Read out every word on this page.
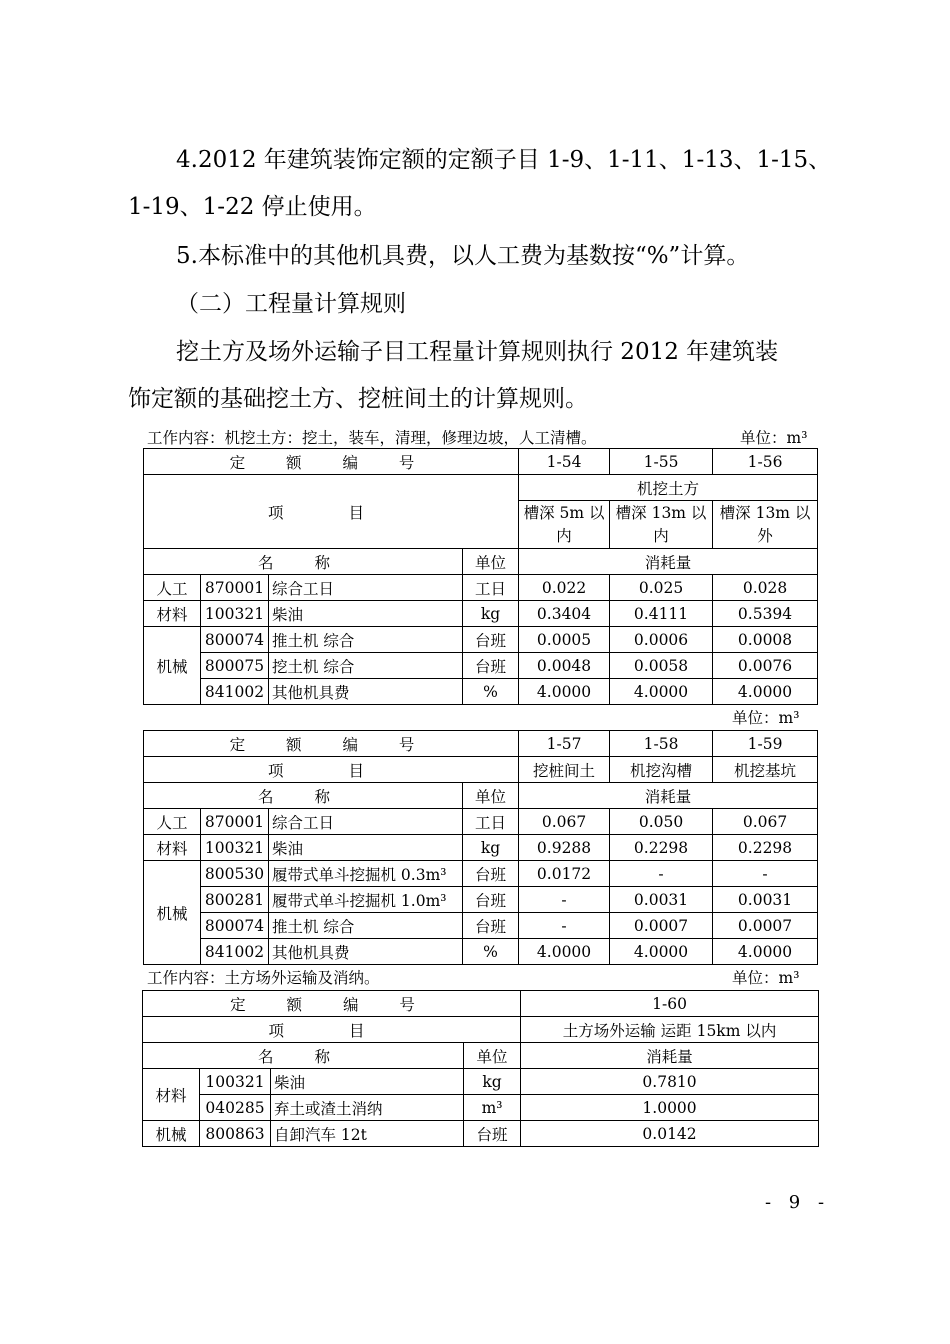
4.2012 年建筑装饰定额的定额子目 1-9、1-11、1-13、1-15、

1-19、1-22 停止使用。

5.本标准中的其他机具费，以人工费为基数按“%”计算。

（二）工程量计算规则

挖土方及场外运输子目工程量计算规则执行 2012 年建筑装

饰定额的基础挖土方、挖桩间土的计算规则。

工作内容：机挖土方：挖土，装车，清理，修理边坡，人工清槽。	单位：m³

定 额 编 号				1-54	1-55	1-56
项 目				机挖土方		
				槽深 5m 以内	槽深 13m 以内	槽深 13m 以外
名 称			单位	消耗量		
人工	870001	综合工日	工日	0.022	0.025	0.028
材料	100321	柴油	kg	0.3404	0.4111	0.5394
机械	800074	推土机 综合	台班	0.0005	0.0006	0.0008
	800075	挖土机 综合	台班	0.0048	0.0058	0.0076
	841002	其他机具费	%	4.0000	4.0000	4.0000

单位：m³

定 额 编 号				1-57	1-58	1-59
项 目				挖桩间土	机挖沟槽	机挖基坑
名 称			单位	消耗量		
人工	870001	综合工日	工日	0.067	0.050	0.067
材料	100321	柴油	kg	0.9288	0.2298	0.2298
机械	800530	履带式单斗挖掘机 0.3m³	台班	0.0172	-	-
	800281	履带式单斗挖掘机 1.0m³	台班	-	0.0031	0.0031
	800074	推土机 综合	台班	-	0.0007	0.0007
	841002	其他机具费	%	4.0000	4.0000	4.0000

工作内容：土方场外运输及消纳。	单位：m³

定 额 编 号				1-60
项 目				土方场外运输 运距 15km 以内
名 称			单位	消耗量
材料	100321	柴油	kg	0.7810
	040285	弃土或渣土消纳	m³	1.0000
机械	800863	自卸汽车 12t	台班	0.0142
- 9 -
